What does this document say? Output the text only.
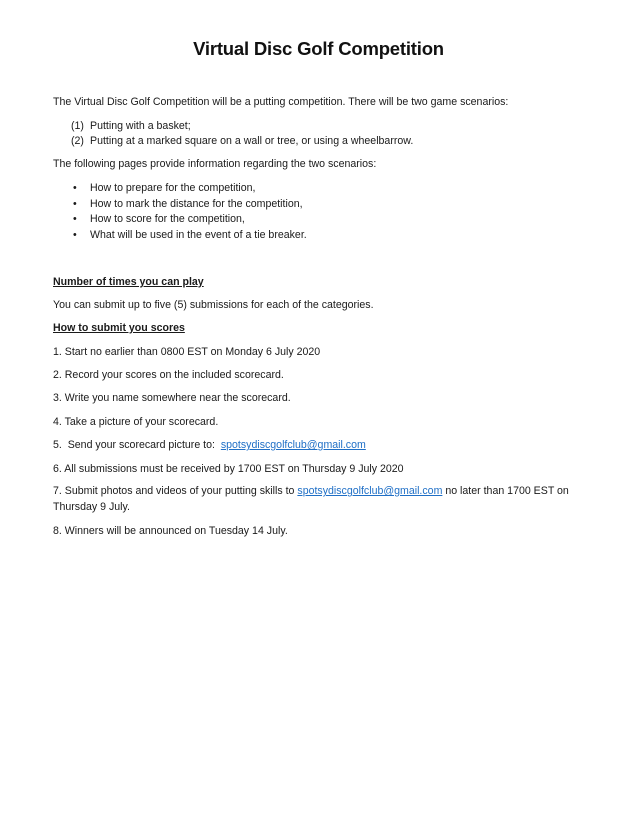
Virtual Disc Golf Competition
The Virtual Disc Golf Competition will be a putting competition. There will be two game scenarios:
(1) Putting with a basket;
(2) Putting at a marked square on a wall or tree, or using a wheelbarrow.
The following pages provide information regarding the two scenarios:
• How to prepare for the competition,
• How to mark the distance for the competition,
• How to score for the competition,
• What will be used in the event of a tie breaker.
Number of times you can play
You can submit up to five (5) submissions for each of the categories.
How to submit you scores
1. Start no earlier than 0800 EST on Monday 6 July 2020
2. Record your scores on the included scorecard.
3. Write you name somewhere near the scorecard.
4. Take a picture of your scorecard.
5.  Send your scorecard picture to:  spotsydiscgolfclub@gmail.com
6. All submissions must be received by 1700 EST on Thursday 9 July 2020
7. Submit photos and videos of your putting skills to spotsydiscgolfclub@gmail.com no later than 1700 EST on Thursday 9 July.
8. Winners will be announced on Tuesday 14 July.
